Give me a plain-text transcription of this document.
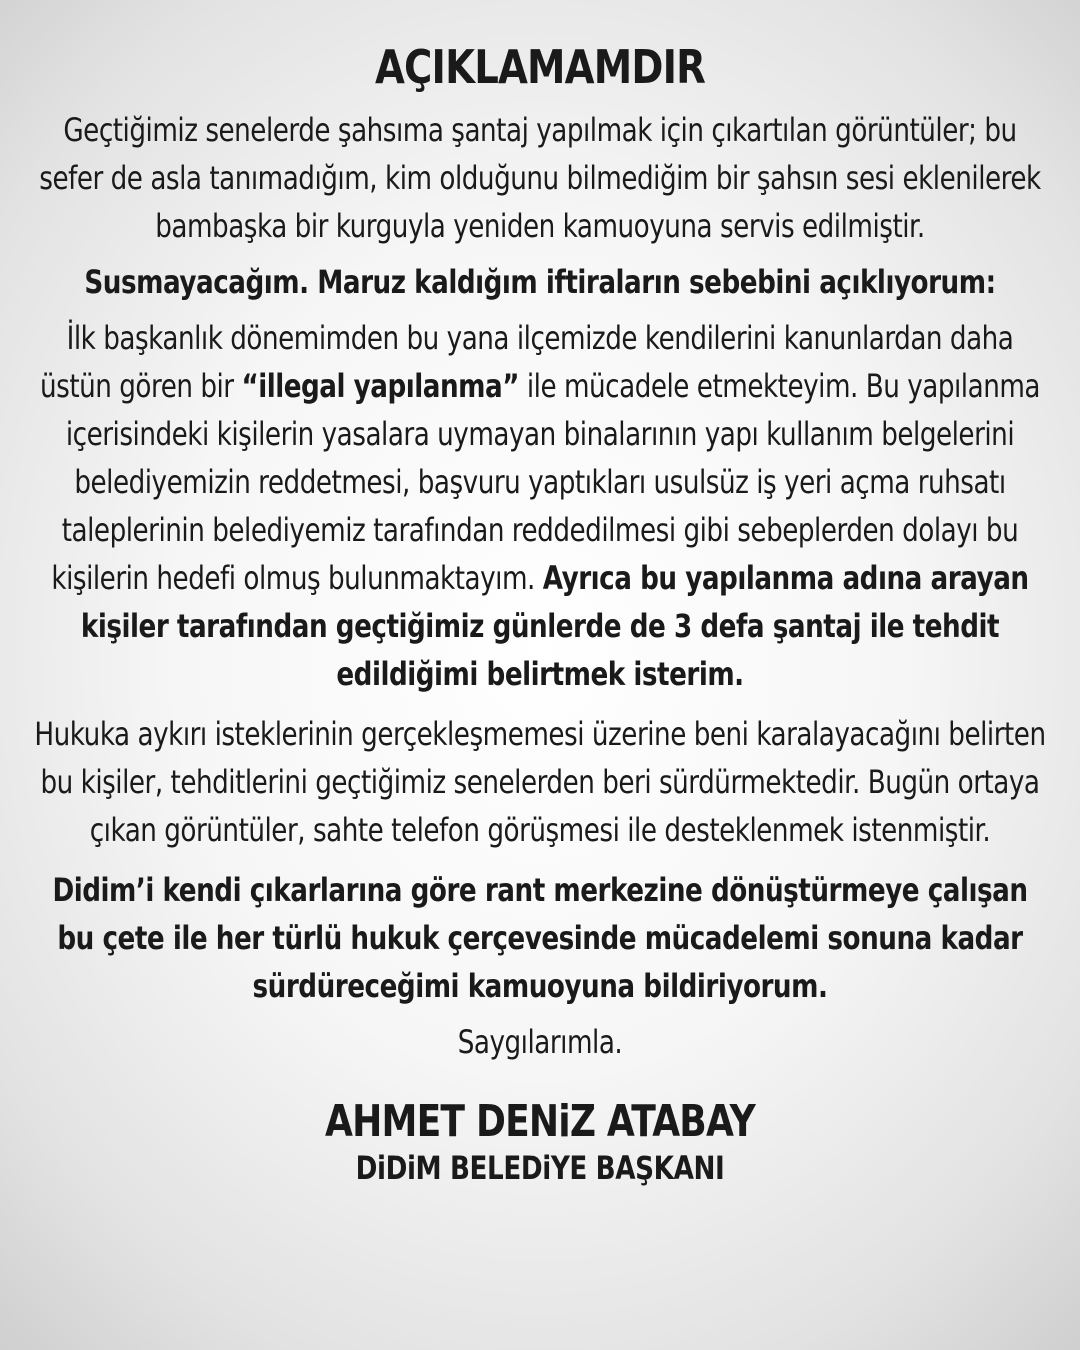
AÇIKLAMAMDIR

Geçtiğimiz senelerde şahsıma şantaj yapılmak için çıkartılan görüntüler; bu sefer de asla tanımadığım, kim olduğunu bilmediğim bir şahsın sesi eklenilerek bambaşka bir kurguyla yeniden kamuoyuna servis edilmiştir.

Susmayacağım. Maruz kaldığım iftiraların sebebini açıklıyorum:

İlk başkanlık dönemimden bu yana ilçemizde kendilerini kanunlardan daha üstün gören bir “illegal yapılanma” ile mücadele etmekteyim. Bu yapılanma içerisindeki kişilerin yasalara uymayan binalarının yapı kullanım belgelerini belediyemizin reddetmesi, başvuru yaptıkları usulsüz iş yeri açma ruhsatı taleplerinin belediyemiz tarafından reddedilmesi gibi sebeplerden dolayı bu kişilerin hedefi olmuş bulunmaktayım. Ayrıca bu yapılanma adına arayan kişiler tarafından geçtiğimiz günlerde de 3 defa şantaj ile tehdit edildiğimi belirtmek isterim.

Hukuka aykırı isteklerinin gerçekleşmemesi üzerine beni karalayacağını belirten bu kişiler, tehditlerini geçtiğimiz senelerden beri sürdürmektedir. Bugün ortaya çıkan görüntüler, sahte telefon görüşmesi ile desteklenmek istenmiştir.

Didim’i kendi çıkarlarına göre rant merkezine dönüştürmeye çalışan bu çete ile her türlü hukuk çerçevesinde mücadelemi sonuna kadar sürdüreceğimi kamuoyuna bildiriyorum.

Saygılarımla.

AHMET DENiZ ATABAY
DiDiM BELEDiYE BAŞKANI
